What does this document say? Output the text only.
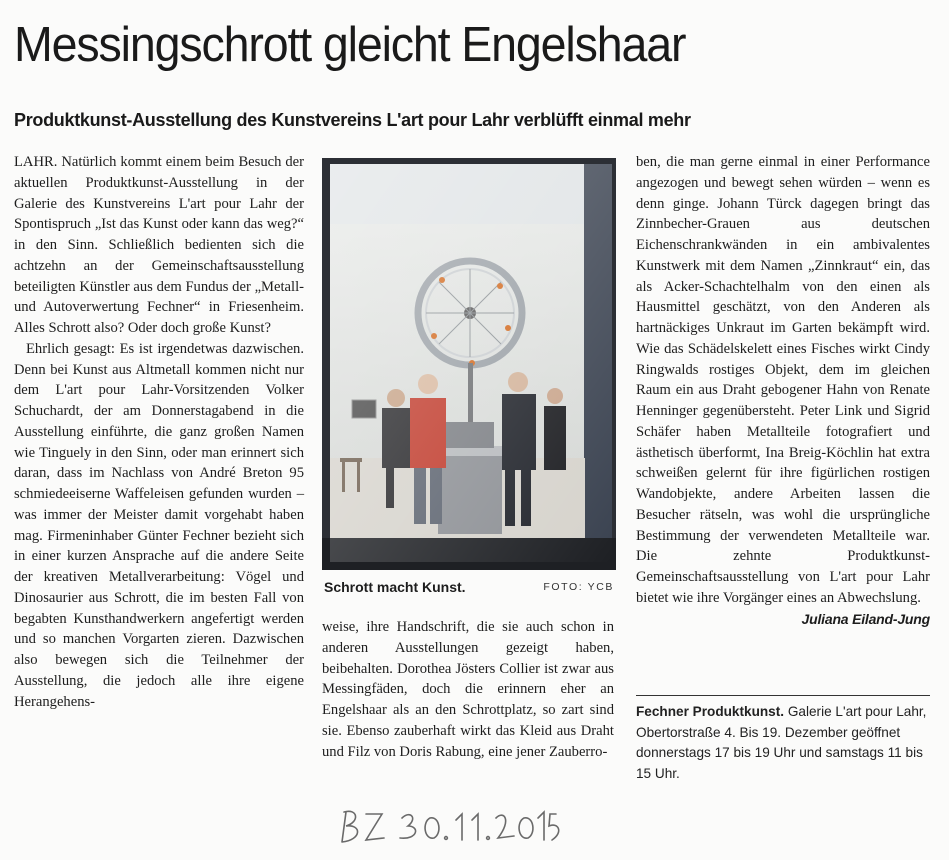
Messingschrott gleicht Engelshaar
Produktkunst-Ausstellung des Kunstvereins L'art pour Lahr verblüfft einmal mehr

LAHR. Natürlich kommt einem beim Besuch der aktuellen Produktkunst-Ausstellung in der Galerie des Kunstvereins L'art pour Lahr der Spontispruch „Ist das Kunst oder kann das weg?“ in den Sinn. Schließlich bedienten sich die achtzehn an der Gemeinschaftsausstellung beteiligten Künstler aus dem Fundus der „Metall- und Autoverwertung Fechner“ in Friesenheim. Alles Schrott also? Oder doch große Kunst?

Ehrlich gesagt: Es ist irgendetwas dazwischen. Denn bei Kunst aus Altmetall kommen nicht nur dem L'art pour Lahr-Vorsitzenden Volker Schuchardt, der am Donnerstagabend in die Ausstellung einführte, die ganz großen Namen wie Tinguely in den Sinn, oder man erinnert sich daran, dass im Nachlass von André Breton 95 schmiedeeiserne Waffeleisen gefunden wurden – was immer der Meister damit vorgehabt haben mag. Firmeninhaber Günter Fechner bezieht sich in einer kurzen Ansprache auf die andere Seite der kreativen Metallverarbeitung: Vögel und Dinosaurier aus Schrott, die im besten Fall von begabten Kunsthandwerkern angefertigt werden und so manchen Vorgarten zieren. Dazwischen also bewegen sich die Teilnehmer der Ausstellung, die jedoch alle ihre eigene Herangehens-

Schrott macht Kunst.	FOTO: YCB

weise, ihre Handschrift, die sie auch schon in anderen Ausstellungen gezeigt haben, beibehalten. Dorothea Jösters Collier ist zwar aus Messingfäden, doch die erinnern eher an Engelshaar als an den Schrottplatz, so zart sind sie. Ebenso zauberhaft wirkt das Kleid aus Draht und Filz von Doris Rabung, eine jener Zauberro-

ben, die man gerne einmal in einer Performance angezogen und bewegt sehen würden – wenn es denn ginge. Johann Türck dagegen bringt das Zinnbecher-Grauen aus deutschen Eichenschrankwänden in ein ambivalentes Kunstwerk mit dem Namen „Zinnkraut“ ein, das als Acker-Schachtelhalm von den einen als Hausmittel geschätzt, von den Anderen als hartnäckiges Unkraut im Garten bekämpft wird. Wie das Schädelskelett eines Fisches wirkt Cindy Ringwalds rostiges Objekt, dem im gleichen Raum ein aus Draht gebogener Hahn von Renate Henninger gegenübersteht. Peter Link und Sigrid Schäfer haben Metallteile fotografiert und ästhetisch überformt, Ina Breig-Köchlin hat extra schweißen gelernt für ihre figürlichen rostigen Wandobjekte, andere Arbeiten lassen die Besucher rätseln, was wohl die ursprüngliche Bestimmung der verwendeten Metallteile war. Die zehnte Produktkunst-Gemeinschaftsausstellung von L'art pour Lahr bietet wie ihre Vorgänger eines an Abwechslung.

Juliana Eiland-Jung
Fechner Produktkunst. Galerie L'art pour Lahr, Obertorstraße 4. Bis 19. Dezember geöffnet donnerstags 17 bis 19 Uhr und samstags 11 bis 15 Uhr.
